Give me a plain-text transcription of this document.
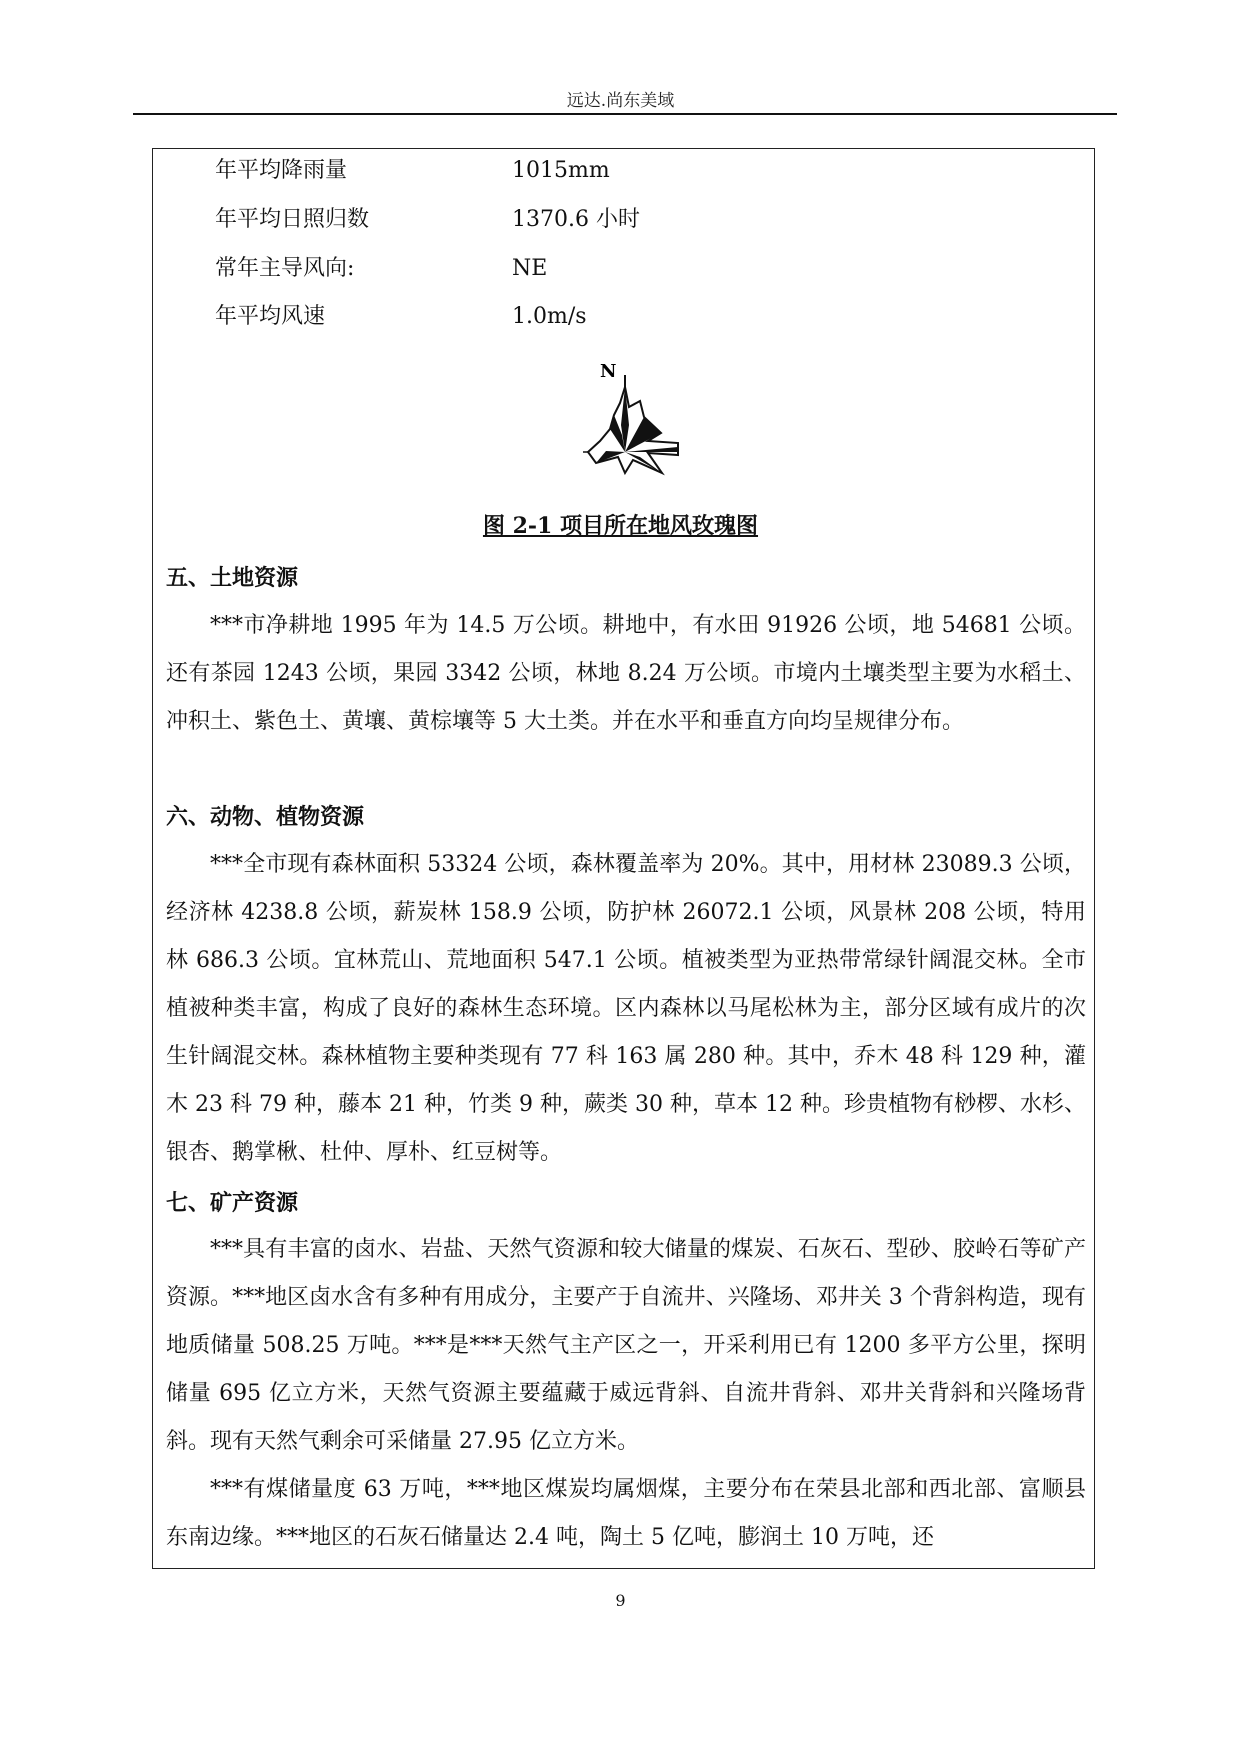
远达.尚东美域
年平均降雨量	1015mm
年平均日照归数	1370.6 小时
常年主导风向:	NE
年平均风速	1.0m/s
N
图 2-1 项目所在地风玫瑰图
五、土地资源

***市净耕地 1995 年为 14.5 万公顷。耕地中，有水田 91926 公顷，地 54681 公顷。还有茶园 1243 公顷，果园 3342 公顷，林地 8.24 万公顷。市境内土壤类型主要为水稻土、冲积土、紫色土、黄壤、黄棕壤等 5 大土类。并在水平和垂直方向均呈规律分布。

六、动物、植物资源

***全市现有森林面积 53324 公顷，森林覆盖率为 20%。其中，用材林 23089.3 公顷，经济林 4238.8 公顷，薪炭林 158.9 公顷，防护林 26072.1 公顷，风景林 208 公顷，特用林 686.3 公顷。宜林荒山、荒地面积 547.1 公顷。植被类型为亚热带常绿针阔混交林。全市植被种类丰富，构成了良好的森林生态环境。区内森林以马尾松林为主，部分区域有成片的次生针阔混交林。森林植物主要种类现有 77 科 163 属 280 种。其中，乔木 48 科 129 种，灌木 23 科 79 种，藤本 21 种，竹类 9 种，蕨类 30 种，草本 12 种。珍贵植物有桫椤、水杉、银杏、鹅掌楸、杜仲、厚朴、红豆树等。

七、矿产资源

***具有丰富的卤水、岩盐、天然气资源和较大储量的煤炭、石灰石、型砂、胶岭石等矿产资源。***地区卤水含有多种有用成分，主要产于自流井、兴隆场、邓井关 3 个背斜构造，现有地质储量 508.25 万吨。***是***天然气主产区之一，开采利用已有 1200 多平方公里，探明储量 695 亿立方米，天然气资源主要蕴藏于威远背斜、自流井背斜、邓井关背斜和兴隆场背斜。现有天然气剩余可采储量 27.95 亿立方米。

***有煤储量度 63 万吨，***地区煤炭均属烟煤，主要分布在荣县北部和西北部、富顺县东南边缘。***地区的石灰石储量达 2.4 吨，陶土 5 亿吨，膨润土 10 万吨，还

9
